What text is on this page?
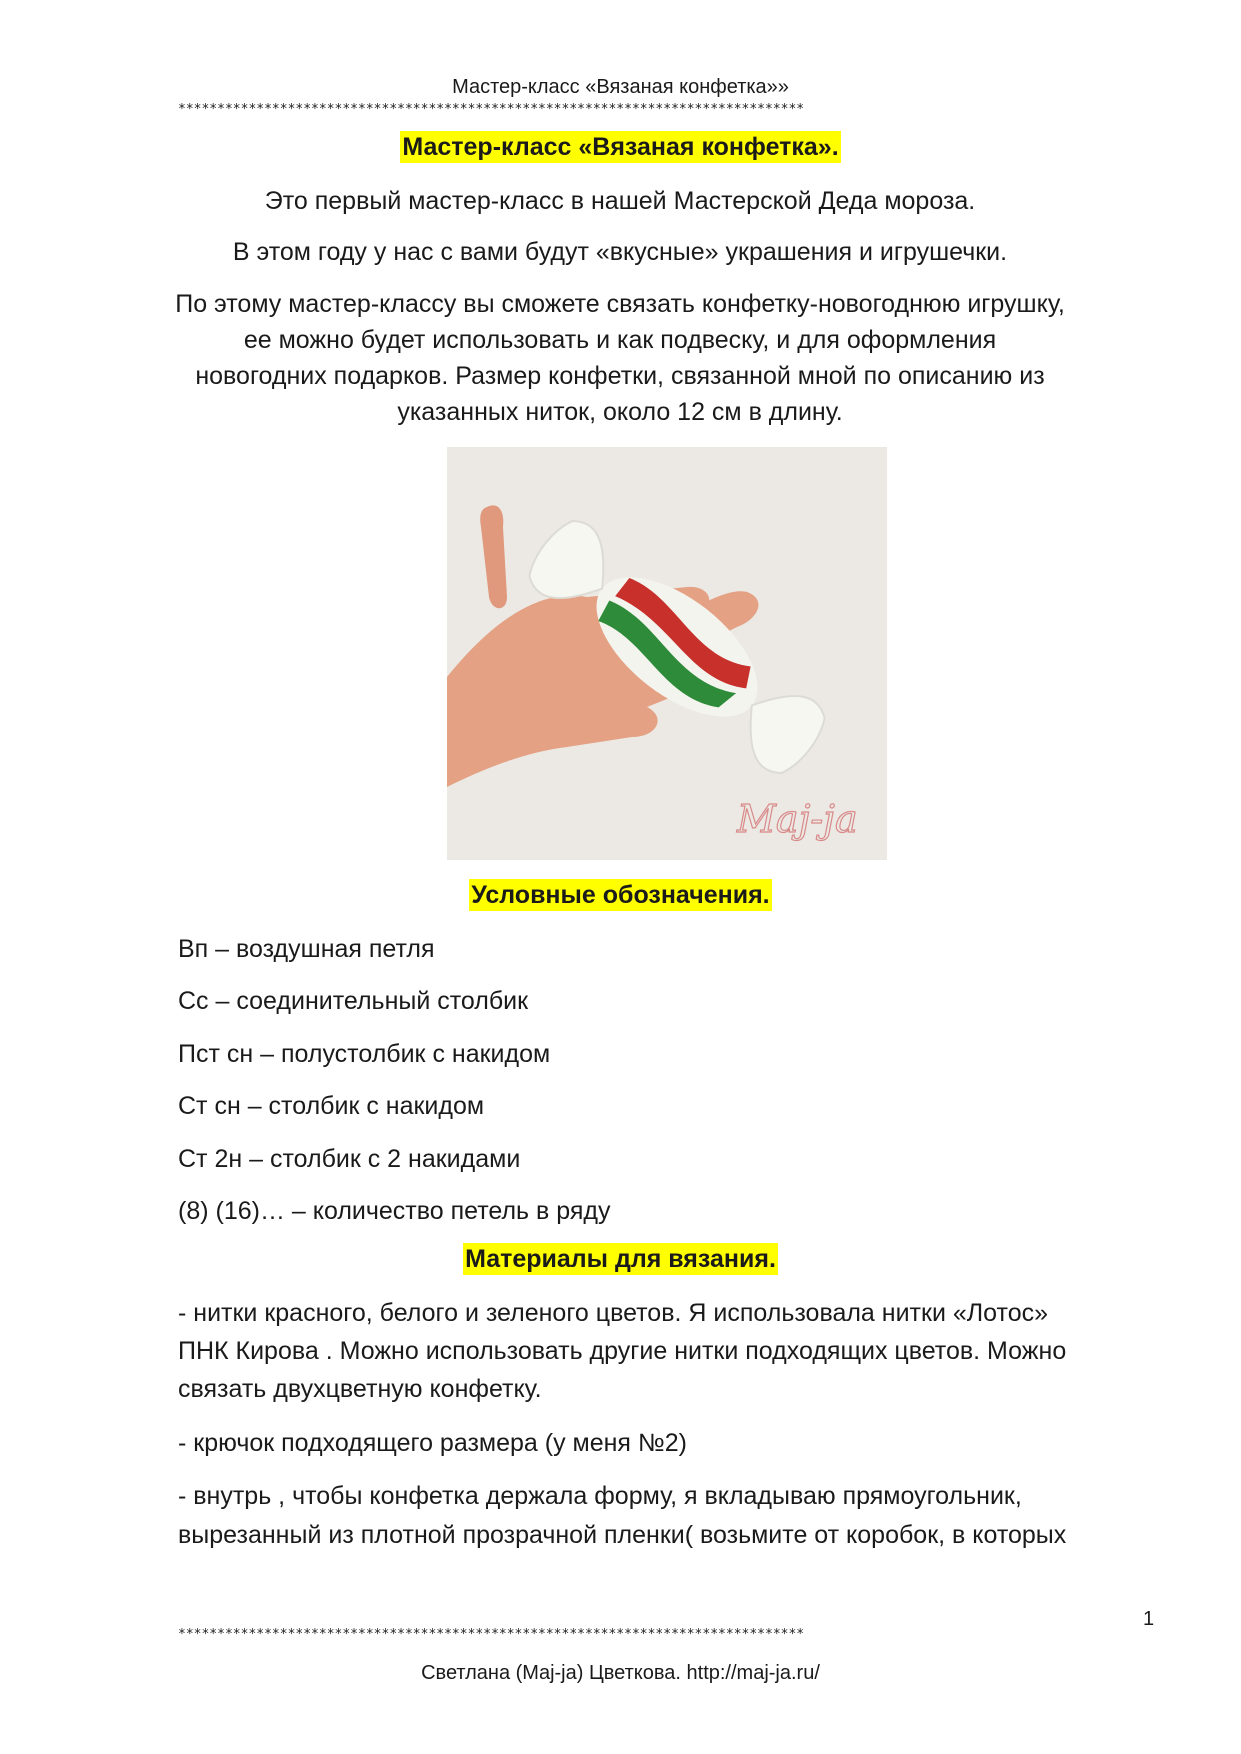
Мастер-класс «Вязаная конфетка»»
********************************************************************************
Мастер-класс «Вязаная конфетка».
Это первый мастер-класс в нашей Мастерской Деда мороза.
В этом году у нас с вами будут «вкусные» украшения и игрушечки.
По этому мастер-классу вы сможете связать конфетку-новогоднюю игрушку,
ее можно будет использовать и как подвеску, и для оформления
новогодних подарков. Размер конфетки, связанной мной по описанию из
указанных ниток, около 12 см в длину.
Maj-ja
Условные обозначения.
Вп – воздушная петля
Сс – соединительный столбик
Пст сн – полустолбик с накидом
Ст сн – столбик с накидом
Ст 2н – столбик с 2 накидами
(8) (16)… – количество петель в ряду
Материалы для вязания.
- нитки красного, белого и зеленого цветов. Я использовала нитки «Лотос»
ПНК Кирова . Можно использовать другие нитки подходящих цветов. Можно
связать двухцветную конфетку.
- крючок подходящего размера (у меня №2)
- внутрь , чтобы конфетка держала форму, я вкладываю прямоугольник,
вырезанный из плотной прозрачной пленки( возьмите от коробок, в которых
1
********************************************************************************
Светлана (Maj-ja) Цветкова. http://maj-ja.ru/
